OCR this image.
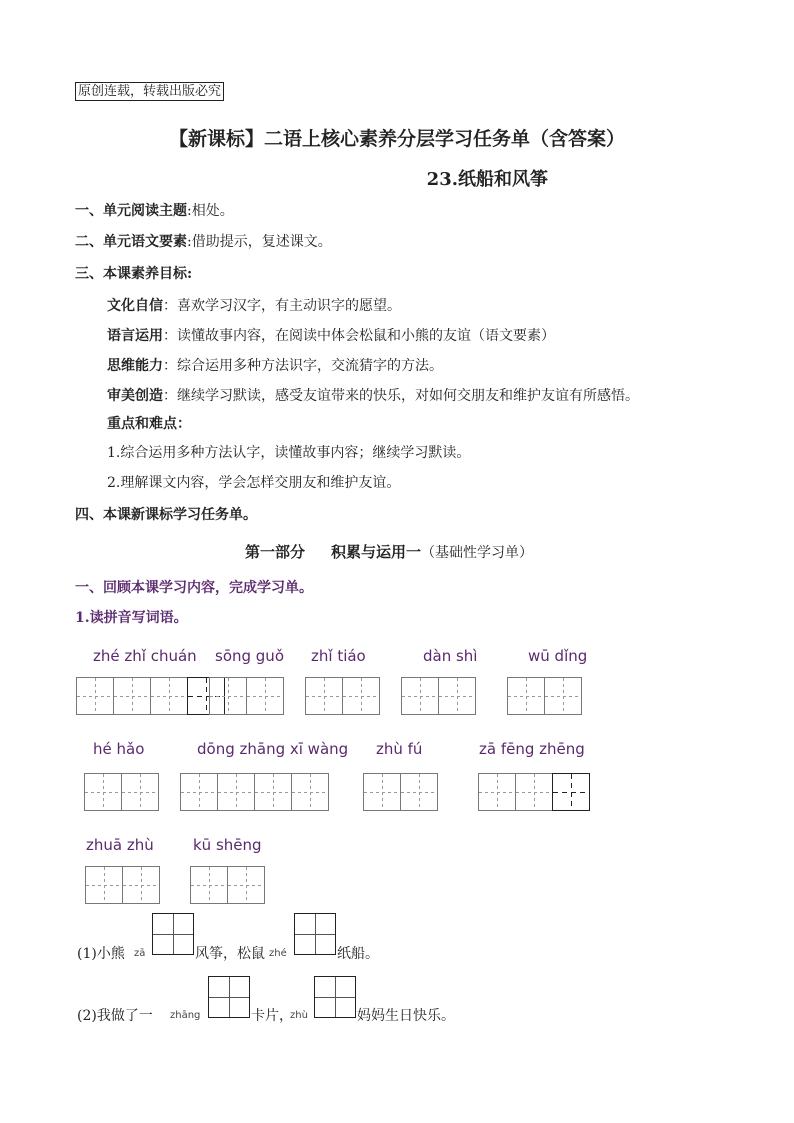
原创连载，转载出版必究
【新课标】二语上核心素养分层学习任务单（含答案）
23.纸船和风筝
一、单元阅读主题:相处。
二、单元语文要素:借助提示，复述课文。
三、本课素养目标:
文化自信：喜欢学习汉字，有主动识字的愿望。
语言运用：读懂故事内容，在阅读中体会松鼠和小熊的友谊（语文要素）
思维能力：综合运用多种方法识字，交流猜字的方法。
审美创造：继续学习默读，感受友谊带来的快乐，对如何交朋友和维护友谊有所感悟。
重点和难点：
1.综合运用多种方法认字，读懂故事内容；继续学习默读。
2.理解课文内容，学会怎样交朋友和维护友谊。
四、本课新课标学习任务单。
第一部分 积累与运用一（基础性学习单）
一、回顾本课学习内容，完成学习单。
1.读拼音写词语。
zhé zhǐ chuán sōng guǒ zhǐ tiáo	dàn shì	wū dǐng
hé hǎo	dōng zhāng xī wàng zhù fú	zā fēng zhēng
zhuā zhù	kū shēng
(1)小熊 zā	风筝，松鼠 zhé	纸船。
(2)我做了一 zhāng	卡片，
zhù	妈妈生日快乐。
